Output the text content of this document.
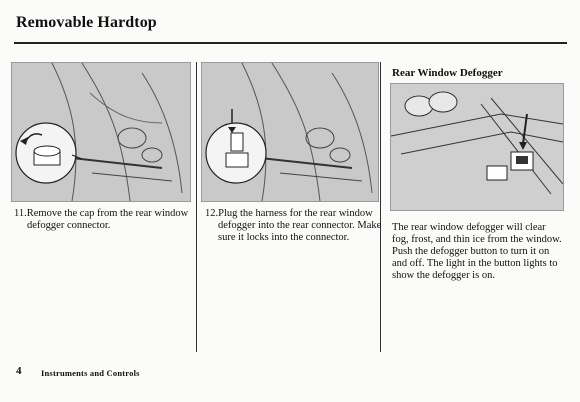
Removable Hardtop
Rear Window Defogger
The rear window defogger will clear fog, frost, and thin ice from the window. Push the defogger button to turn it on and off. The light in the button lights to show the defogger is on.
11.Remove the cap from the rear window defogger connector.
12.Plug the harness for the rear window defogger into the rear connector. Make sure it locks into the connector.
4 Instruments and Controls
